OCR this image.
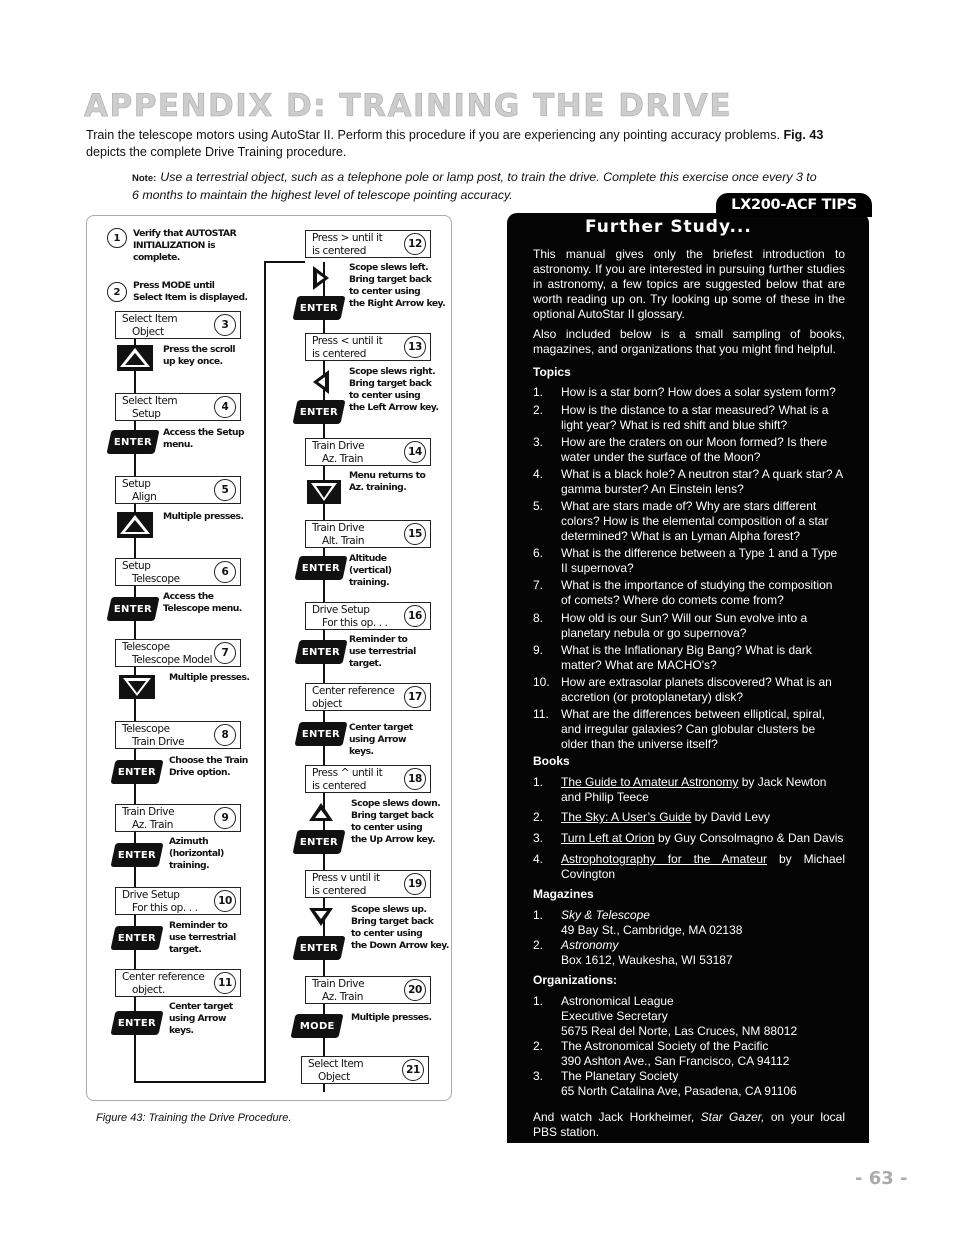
APPENDIX D: TRAINING THE DRIVE
Train the telescope motors using AutoStar II. Perform this procedure if you are experiencing any pointing accuracy problems. Fig. 43 depicts the complete Drive Training procedure.
Note: Use a terrestrial object, such as a telephone pole or lamp post, to train the drive. Complete this exercise once every 3 to 6 months to maintain the highest level of telescope pointing accuracy.
1 Verify that AUTOSTAR
INITIALIZATION is
complete.
2
Press MODE until
Select Item is displayed.
Select Item
Object
3
Select Item
Setup
4
Setup
Align
5
Setup
Telescope
6
Telescope
Telescope Model
7
Telescope
Train Drive
8
Train Drive
Az. Train
9
Drive Setup
For this op. . .
10
Center reference
object.
11
Press the scroll
up key once.
ENTER
Access the Setup
menu.
Multiple presses.
ENTER
Access the
Telescope menu.
Multiple presses.
ENTER
Choose the Train
Drive option.
ENTER
Azimuth
(horizontal)
training.
ENTER
Reminder to
use terrestrial
target.
ENTER
Center target
using Arrow
keys.
Press > until it
is centered
12
Press < until it
is centered
13
Train Drive
Az. Train
14
Train Drive
Alt. Train
15
Drive Setup
For this op. . .
16
Center reference
object
17
Press ^ until it
is centered
18
Press v until it
is centered
19
Train Drive
Az. Train
20
Select Item
Object
21
ENTER
Scope slews left.
Bring target back
to center using
the Right Arrow key.
ENTER
Scope slews right.
Bring target back
to center using
the Left Arrow key.
Menu returns to
Az. training.
ENTER
Altitude
(vertical)
training.
ENTER
Reminder to
use terrestrial
target.
ENTER
Center target
using Arrow
keys.
ENTER
Scope slews down.
Bring target back
to center using
the Up Arrow key.
ENTER
Scope slews up.
Bring target back
to center using
the Down Arrow key.
MODE
Multiple presses.
Figure 43: Training the Drive Procedure.
LX200-ACF TIPS
Further Study...
This manual gives only the briefest introduction to astronomy. If you are interested in pursuing further studies in astronomy, a few topics are suggested below that are worth reading up on. Try looking up some of these in the optional AutoStar II glossary.
Also included below is a small sampling of books, magazines, and organizations that you might find helpful.
Topics
1. How is a star born? How does a solar system form?
2. How is the distance to a star measured? What is a light year? What is red shift and blue shift?
3. How are the craters on our Moon formed? Is there water under the surface of the Moon?
4. What is a black hole? A neutron star? A quark star? A gamma burster? An Einstein lens?
5. What are stars made of? Why are stars different colors? How is the elemental composition of a star determined? What is an Lyman Alpha forest?
6. What is the difference between a Type 1 and a Type II supernova?
7. What is the importance of studying the composition of comets? Where do comets come from?
8. How old is our Sun? Will our Sun evolve into a planetary nebula or go supernova?
9. What is the Inflationary Big Bang? What is dark matter? What are MACHO's?
10. How are extrasolar planets discovered? What is an accretion (or protoplanetary) disk?
11. What are the differences between elliptical, spiral, and irregular galaxies? Can globular clusters be older than the universe itself?
Books
1. The Guide to Amateur Astronomy by Jack Newton and Philip Teece
2. The Sky: A User’s Guide by David Levy
3. Turn Left at Orion by Guy Consolmagno & Dan Davis
4. Astrophotography for the Amateur by Michael Covington
Magazines
1. Sky & Telescope
49 Bay St., Cambridge, MA 02138
2. Astronomy
Box 1612, Waukesha, WI 53187
Organizations:
1. Astronomical League
Executive Secretary
5675 Real del Norte, Las Cruces, NM 88012
2. The Astronomical Society of the Pacific
390 Ashton Ave., San Francisco, CA 94112
3. The Planetary Society
65 North Catalina Ave, Pasadena, CA 91106
And watch Jack Horkheimer, Star Gazer, on your local PBS station.
- 63 -
